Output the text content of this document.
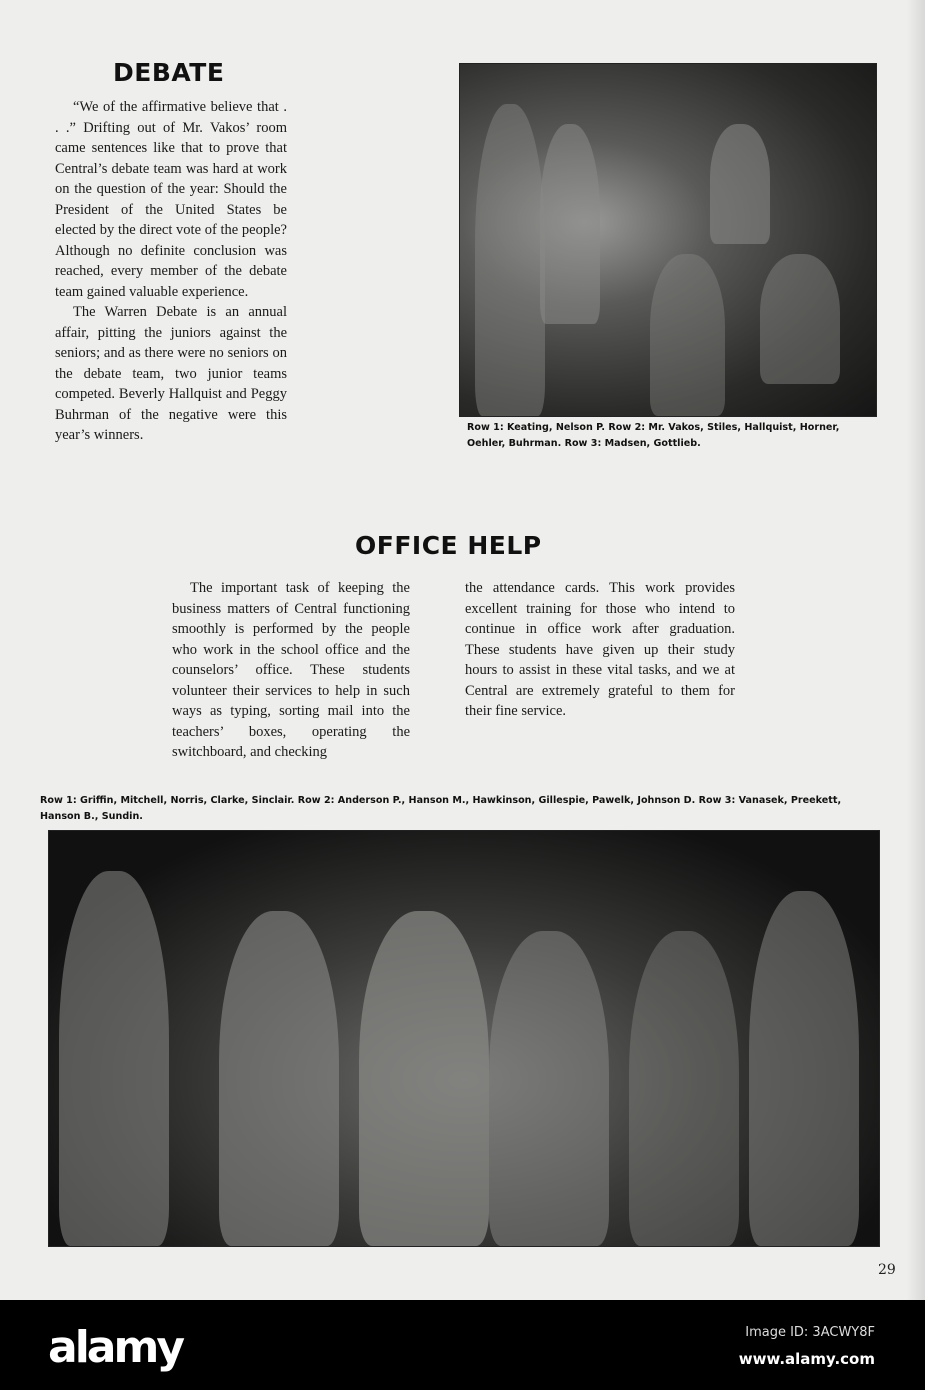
DEBATE

“We of the affirmative believe that . . .” Drifting out of Mr. Vakos’ room came sentences like that to prove that Central’s debate team was hard at work on the question of the year: Should the President of the United States be elected by the direct vote of the people? Although no definite conclusion was reached, every member of the debate team gained valuable experience.

The Warren Debate is an annual affair, pitting the juniors against the seniors; and as there were no seniors on the debate team, two junior teams competed. Beverly Hallquist and Peggy Buhrman of the negative were this year’s winners.	Row 1: Keating, Nelson P. Row 2: Mr. Vakos, Stiles, Hallquist, Horner, Oehler, Buhrman. Row 3: Madsen, Gottlieb.
OFFICE HELP

The important task of keeping the business matters of Central functioning smoothly is performed by the people who work in the school office and the counselors’ office. These students volunteer their services to help in such ways as typing, sorting mail into the teachers’ boxes, operating the switchboard, and checking

the attendance cards. This work provides excellent training for those who intend to continue in office work after graduation. These students have given up their study hours to assist in these vital tasks, and we at Central are extremely grateful to them for their fine service.

Row 1: Griffin, Mitchell, Norris, Clarke, Sinclair. Row 2: Anderson P., Hanson M., Hawkinson, Gillespie, Pawelk, Johnson D. Row 3: Vanasek, Preekett, Hanson B., Sundin.
29
alamy	Image ID: 3ACWY8F
www.alamy.com
